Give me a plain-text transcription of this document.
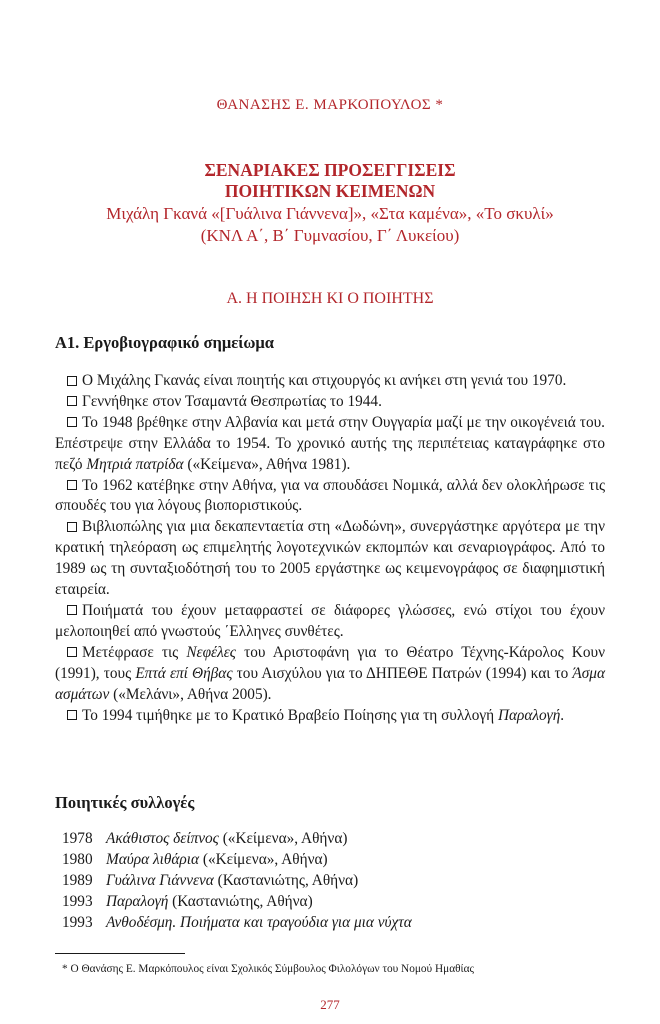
ΘΑΝΑΣΗΣ Ε. ΜΑΡΚΟΠΟΥΛΟΣ *
ΣΕΝΑΡΙΑΚΕΣ ΠΡΟΣΕΓΓΙΣΕΙΣ
ΠΟΙΗΤΙΚΩΝ ΚΕΙΜΕΝΩΝ
Μιχάλη Γκανά «[Γυάλινα Γιάννενα]», «Στα καμένα», «Το σκυλί»
(ΚΝΛ Α΄, Β΄ Γυμνασίου, Γ΄ Λυκείου)
Α. Η ΠΟΙΗΣΗ ΚΙ Ο ΠΟΙΗΤΗΣ
Α1. Εργοβιογραφικό σημείωμα

Ο Μιχάλης Γκανάς είναι ποιητής και στιχουργός κι ανήκει στη γενιά του 1970.

Γεννήθηκε στον Τσαμαντά Θεσπρωτίας το 1944.

Το 1948 βρέθηκε στην Αλβανία και μετά στην Ουγγαρία μαζί με την οικογένειά του. Επέστρεψε στην Ελλάδα το 1954. Το χρονικό αυτής της περιπέτειας καταγράφηκε στο πεζό Μητριά πατρίδα («Κείμενα», Αθήνα 1981).

Το 1962 κατέβηκε στην Αθήνα, για να σπουδάσει Νομικά, αλλά δεν ολοκλήρωσε τις σπουδές του για λόγους βιοποριστικούς.

Βιβλιοπώλης για μια δεκαπενταετία στη «Δωδώνη», συνεργάστηκε αργότερα με την κρατική τηλεόραση ως επιμελητής λογοτεχνικών εκπομπών και σεναριογράφος. Από το 1989 ως τη συνταξιοδότησή του το 2005 εργάστηκε ως κειμενογράφος σε διαφημιστική εταιρεία.

Ποιήματά του έχουν μεταφραστεί σε διάφορες γλώσσες, ενώ στίχοι του έχουν μελοποιηθεί από γνωστούς ΄Ελληνες συνθέτες.

Μετέφρασε τις Νεφέλες του Αριστοφάνη για το Θέατρο Τέχνης-Κάρολος Κουν (1991), τους Επτά επί Θήβας του Αισχύλου για το ΔΗΠΕΘΕ Πατρών (1994) και το Άσμα ασμάτων («Μελάνι», Αθήνα 2005).

Το 1994 τιμήθηκε με το Κρατικό Βραβείο Ποίησης για τη συλλογή Παραλογή.

Ποιητικές συλλογές
1978 Ακάθιστος δείπνος («Κείμενα», Αθήνα)
1980 Μαύρα λιθάρια («Κείμενα», Αθήνα)
1989 Γυάλινα Γιάννενα (Καστανιώτης, Αθήνα)
1993 Παραλογή (Καστανιώτης, Αθήνα)
1993 Ανθοδέσμη. Ποιήματα και τραγούδια για μια νύχτα
* Ο Θανάσης Ε. Μαρκόπουλος είναι Σχολικός Σύμβουλος Φιλολόγων του Νομού Ημαθίας
277
